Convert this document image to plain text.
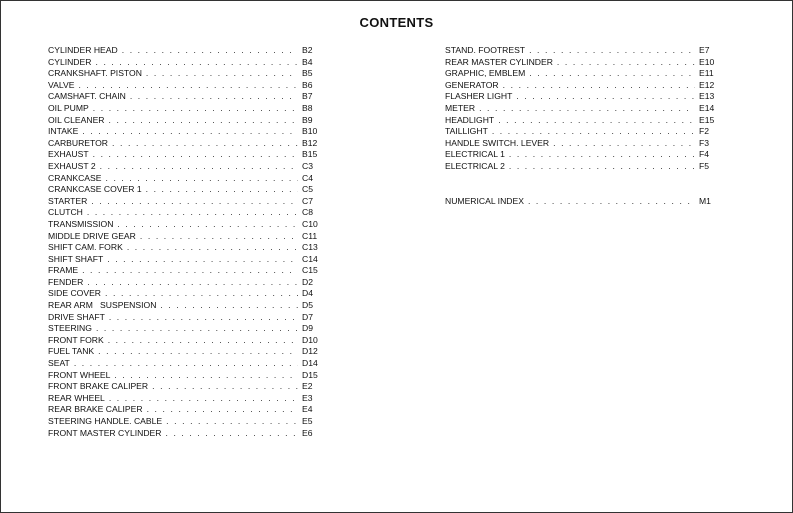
CONTENTS
CYLINDER HEAD . . .	B2
CYLINDER . . .	B4
CRANKSHAFT. PISTON . . .	B5
VALVE . . .	B6
CAMSHAFT. CHAIN . . .	B7
OIL PUMP . . .	B8
OIL CLEANER . . .	B9
INTAKE . . .	B10
CARBURETOR . . .	B12
EXHAUST . . .	B15
EXHAUST 2 . . .	C3
CRANKCASE . . .	C4
CRANKCASE COVER 1 . . .	C5
STARTER . . .	C7
CLUTCH . . .	C8
TRANSMISSION . . .	C10
MIDDLE DRIVE GEAR . . .	C11
SHIFT CAM. FORK . . .	C13
SHIFT SHAFT . . .	C14
FRAME . . .	C15
FENDER . . .	D2
SIDE COVER . . .	D4
REAR ARM   SUSPENSION . . .	D5
DRIVE SHAFT . . .	D7
STEERING . . .	D9
FRONT FORK . . .	D10
FUEL TANK . . .	D12
SEAT . . .	D14
FRONT WHEEL . . .	D15
FRONT BRAKE CALIPER . . .	E2
REAR WHEEL . . .	E3
REAR BRAKE CALIPER . . .	E4
STEERING HANDLE. CABLE . . .	E5
FRONT MASTER CYLINDER . . .	E6
STAND. FOOTREST . . .	E7
REAR MASTER CYLINDER . . .	E10
GRAPHIC, EMBLEM . . .	E11
GENERATOR . . .	E12
FLASHER LIGHT . . .	E13
METER . . .	E14
HEADLIGHT . . .	E15
TAILLIGHT . . .	F2
HANDLE SWITCH. LEVER . . .	F3
ELECTRICAL 1 . . .	F4
ELECTRICAL 2 . . .	F5
NUMERICAL INDEX . . .	M1
